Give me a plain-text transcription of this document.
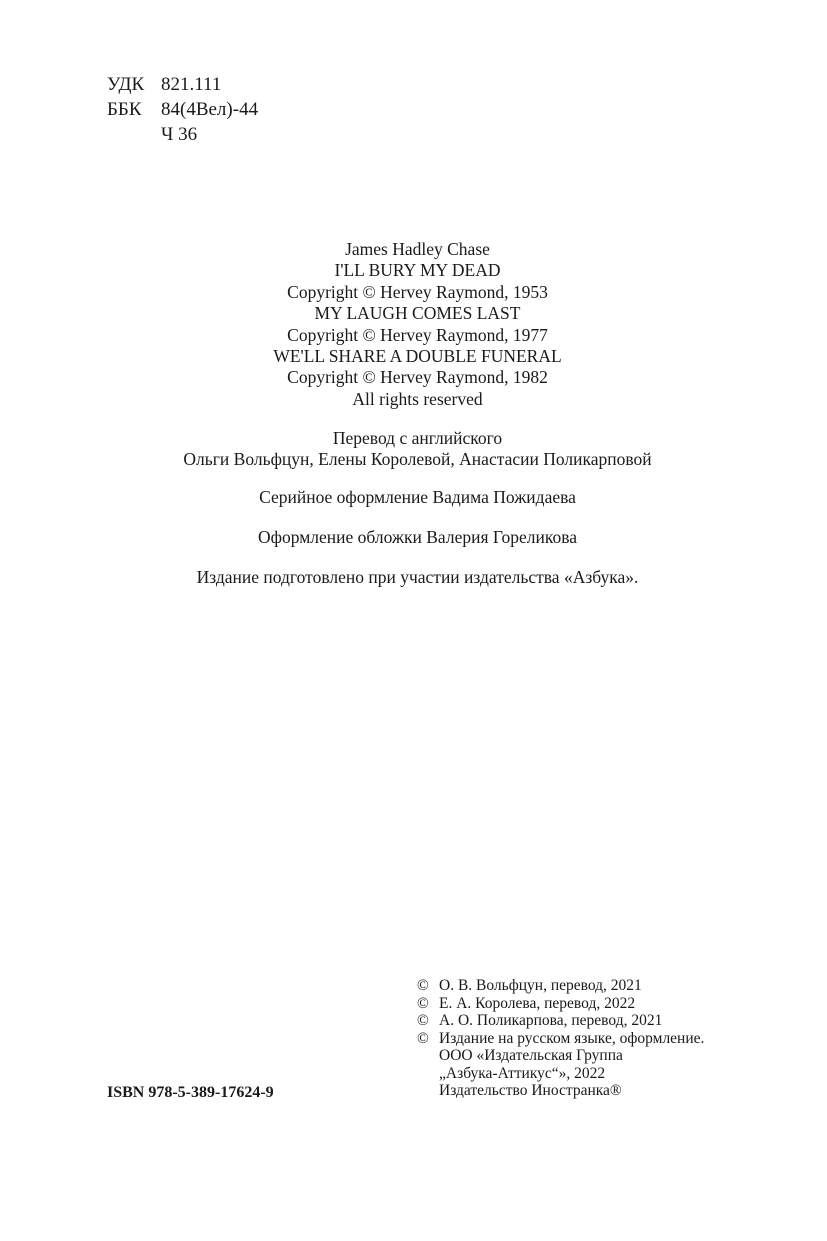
УДК 821.111
ББК	84(4Вел)-44
Ч 36
James Hadley Chase
I'LL BURY MY DEAD
Copyright © Hervey Raymond, 1953
MY LAUGH COMES LAST
Copyright © Hervey Raymond, 1977
WE'LL SHARE A DOUBLE FUNERAL
Copyright © Hervey Raymond, 1982
All rights reserved
Перевод с английского
Ольги Вольфцун, Елены Королевой, Анастасии Поликарповой
Серийное оформление Вадима Пожидаева
Оформление обложки Валерия Гореликова
Издание подготовлено при участии издательства «Азбука».
© О. В. Вольфцун, перевод, 2021
© Е. А. Королева, перевод, 2022
© А. О. Поликарпова, перевод, 2021
© Издание на русском языке, оформление.
ООО «Издательская Группа
„Азбука-Аттикус“», 2022
Издательство Иностранка®
ISBN 978-5-389-17624-9
